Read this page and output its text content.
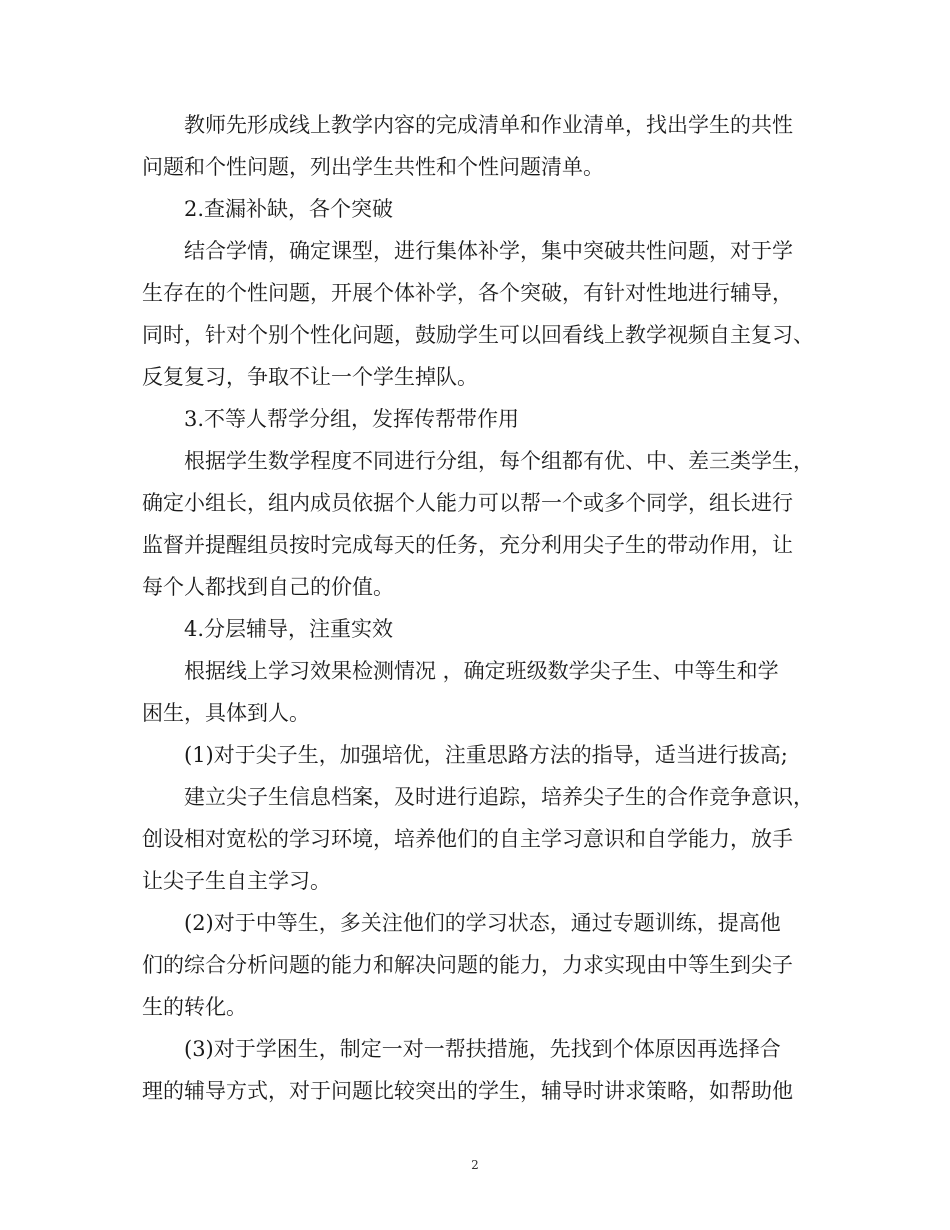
教师先形成线上教学内容的完成清单和作业清单，找出学生的共性
问题和个性问题，列出学生共性和个性问题清单。
2.查漏补缺，各个突破
结合学情，确定课型，进行集体补学，集中突破共性问题，对于学
生存在的个性问题，开展个体补学，各个突破，有针对性地进行辅导，
同时，针对个别个性化问题，鼓励学生可以回看线上教学视频自主复习、
反复复习，争取不让一个学生掉队。
3.不等人帮学分组，发挥传帮带作用
根据学生数学程度不同进行分组，每个组都有优、中、差三类学生，
确定小组长，组内成员依据个人能力可以帮一个或多个同学，组长进行
监督并提醒组员按时完成每天的任务，充分利用尖子生的带动作用，让
每个人都找到自己的价值。
4.分层辅导，注重实效
根据线上学习效果检测情况 ，确定班级数学尖子生、中等生和学
困生，具体到人。
(1)对于尖子生，加强培优，注重思路方法的指导，适当进行拔高;
建立尖子生信息档案，及时进行追踪，培养尖子生的合作竞争意识，
创设相对宽松的学习环境，培养他们的自主学习意识和自学能力，放手
让尖子生自主学习。
(2)对于中等生，多关注他们的学习状态，通过专题训练，提高他
们的综合分析问题的能力和解决问题的能力，力求实现由中等生到尖子
生的转化。
(3)对于学困生，制定一对一帮扶措施，先找到个体原因再选择合
理的辅导方式，对于问题比较突出的学生，辅导时讲求策略，如帮助他
2
